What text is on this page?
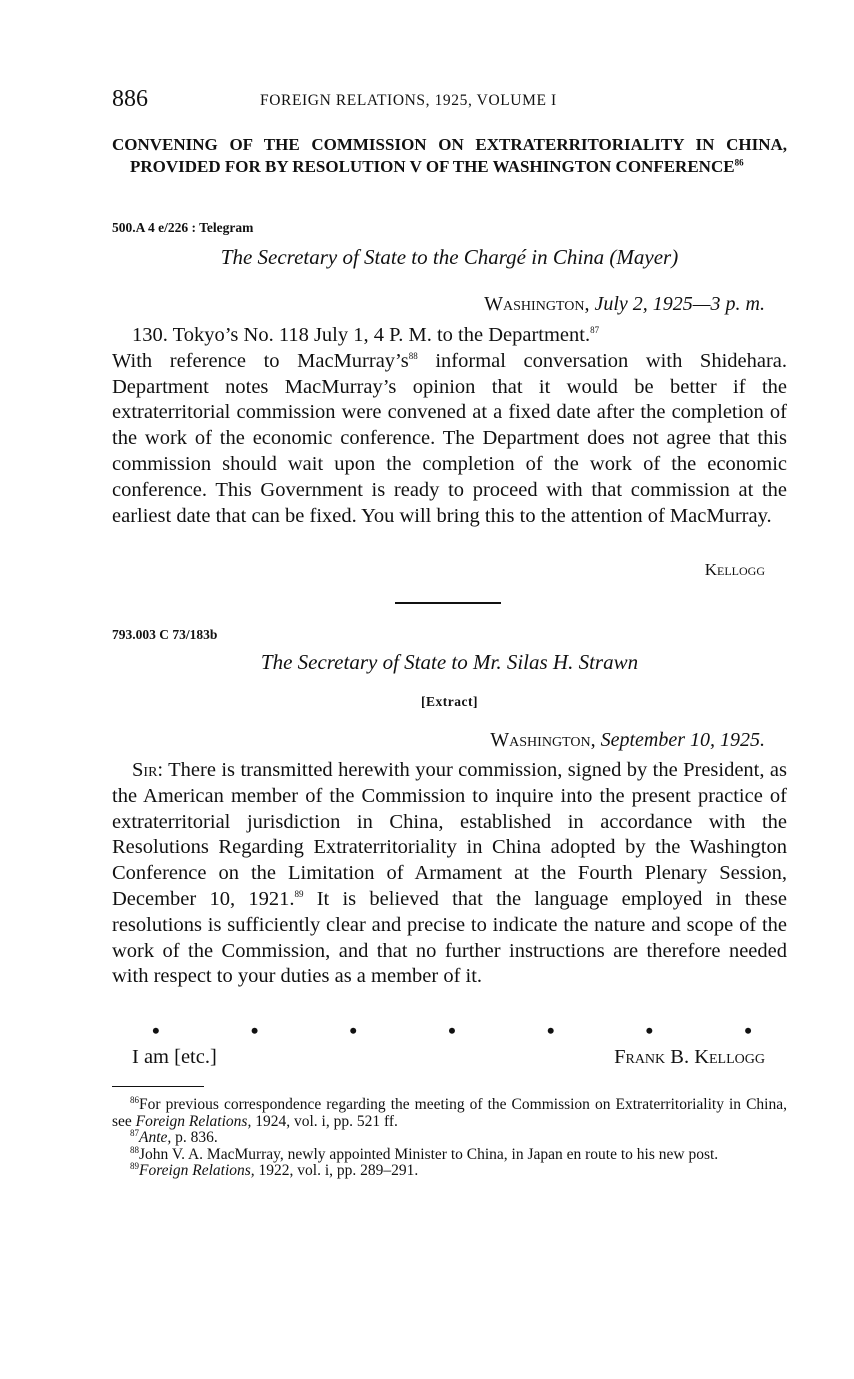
886	FOREIGN RELATIONS, 1925, VOLUME I
CONVENING OF THE COMMISSION ON EXTRATERRITORIALITY IN CHINA, PROVIDED FOR BY RESOLUTION V OF THE WASHINGTON CONFERENCE$^{86}$
500.A 4 e/226 : Telegram
The Secretary of State to the Chargé in China (Mayer)
Washington, July 2, 1925—3 p. m.

130. Tokyo’s No. 118 July 1, 4 P. M. to the Department.$^{87}$

With reference to $MacMurray’s^{88}$ informal conversation with Shidehara. Department notes MacMurray’s opinion that it would be better if the extraterritorial commission were convened at a fixed date after the completion of the work of the economic conference. The Department does not agree that this commission should wait upon the completion of the work of the economic conference. This Government is ready to proceed with that commission at the earliest date that can be fixed. You will bring this to the attention of MacMurray.

Kellogg
793.003 C 73/183b
The Secretary of State to Mr. Silas H. Strawn
[Extract]
Washington, September 10, 1925.

Sir: There is transmitted herewith your commission, signed by the President, as the American member of the Commission to inquire into the present practice of extraterritorial jurisdiction in China, established in accordance with the Resolutions Regarding Extraterritoriality in China adopted by the Washington Conference on the Limitation of Armament at the Fourth Plenary Session, December 10, 1921.89 It is believed that the language employed in these resolutions is sufficiently clear and precise to indicate the nature and scope of the work of the Commission, and that no further instructions are therefore needed with respect to your duties as a member of it.

•	•	•	•	•	•	•
I am [etc.]	Frank B. Kellogg

$^{86}$For previous correspondence regarding the meeting of the Commission on Extraterritoriality in China, see Foreign Relations, 1924, vol. i, pp. 521 ff.

$^{87}$Ante, p. 836.

$^{88}$John V. A. MacMurray, newly appointed Minister to China, in Japan en route to his new post.

$^{89}$Foreign Relations, 1922, vol. i, pp. 289–291.
